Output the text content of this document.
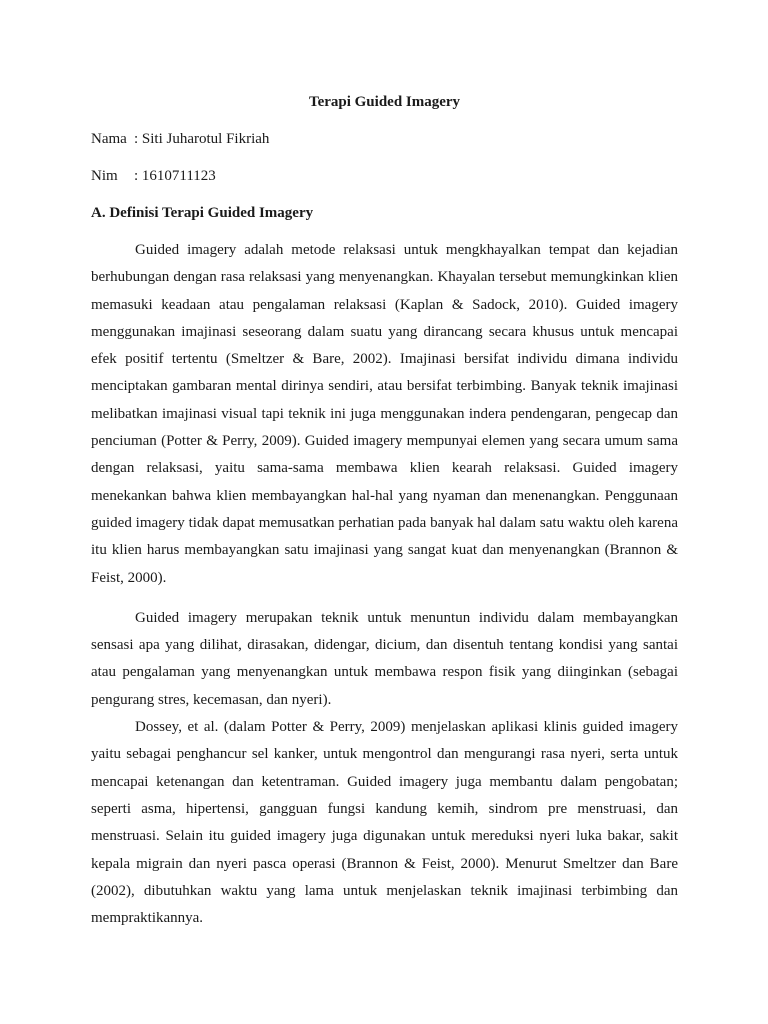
Terapi Guided Imagery
Nama : Siti Juharotul Fikriah
Nim	: 1610711123
A. Definisi Terapi Guided Imagery

Guided imagery adalah metode relaksasi untuk mengkhayalkan tempat dan kejadian berhubungan dengan rasa relaksasi yang menyenangkan. Khayalan tersebut memungkinkan klien memasuki keadaan atau pengalaman relaksasi (Kaplan & Sadock, 2010). Guided imagery menggunakan imajinasi seseorang dalam suatu yang dirancang secara khusus untuk mencapai efek positif tertentu (Smeltzer & Bare, 2002). Imajinasi bersifat individu dimana individu menciptakan gambaran mental dirinya sendiri, atau bersifat terbimbing. Banyak teknik imajinasi melibatkan imajinasi visual tapi teknik ini juga menggunakan indera pendengaran, pengecap dan penciuman (Potter & Perry, 2009). Guided imagery mempunyai elemen yang secara umum sama dengan relaksasi, yaitu sama-sama membawa klien kearah relaksasi. Guided imagery menekankan bahwa klien membayangkan hal-hal yang nyaman dan menenangkan. Penggunaan guided imagery tidak dapat memusatkan perhatian pada banyak hal dalam satu waktu oleh karena itu klien harus membayangkan satu imajinasi yang sangat kuat dan menyenangkan (Brannon & Feist, 2000).

Guided imagery merupakan teknik untuk menuntun individu dalam membayangkan sensasi apa yang dilihat, dirasakan, didengar, dicium, dan disentuh tentang kondisi yang santai atau pengalaman yang menyenangkan untuk membawa respon fisik yang diinginkan (sebagai pengurang stres, kecemasan, dan nyeri).

Dossey, et al. (dalam Potter & Perry, 2009) menjelaskan aplikasi klinis guided imagery yaitu sebagai penghancur sel kanker, untuk mengontrol dan mengurangi rasa nyeri, serta untuk mencapai ketenangan dan ketentraman. Guided imagery juga membantu dalam pengobatan; seperti asma, hipertensi, gangguan fungsi kandung kemih, sindrom pre menstruasi, dan menstruasi. Selain itu guided imagery juga digunakan untuk mereduksi nyeri luka bakar, sakit kepala migrain dan nyeri pasca operasi (Brannon & Feist, 2000). Menurut Smeltzer dan Bare (2002), dibutuhkan waktu yang lama untuk menjelaskan teknik imajinasi terbimbing dan mempraktikannya.
